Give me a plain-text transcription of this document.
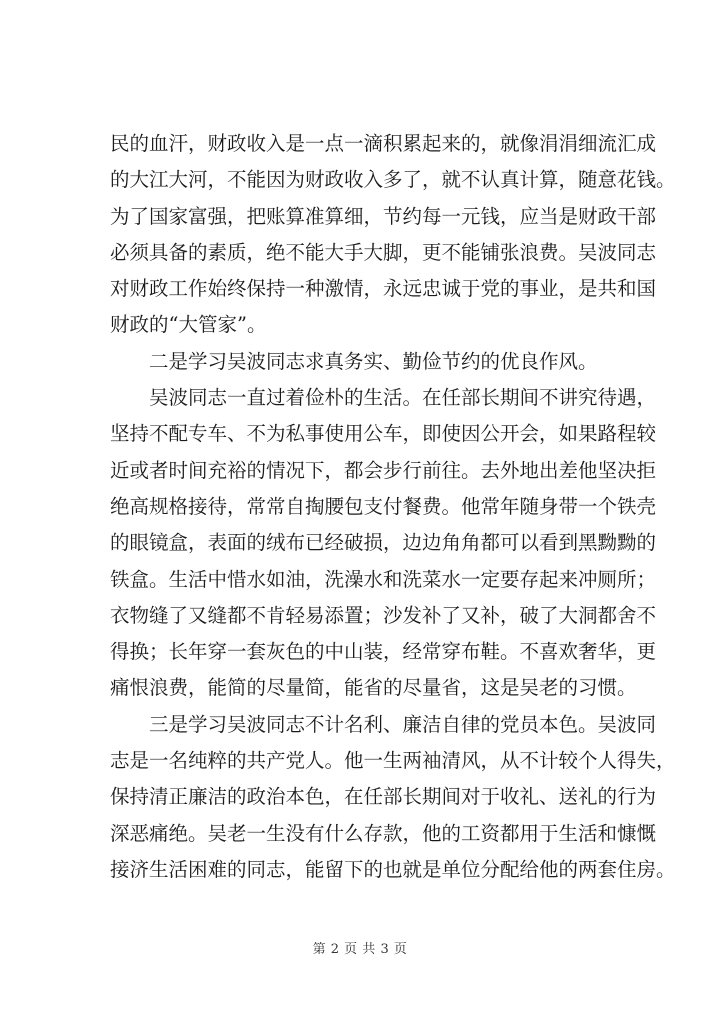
民的血汗，财政收入是一点一滴积累起来的，就像涓涓细流汇成
的大江大河，不能因为财政收入多了，就不认真计算，随意花钱。
为了国家富强，把账算准算细，节约每一元钱，应当是财政干部
必须具备的素质，绝不能大手大脚，更不能铺张浪费。吴波同志
对财政工作始终保持一种激情，永远忠诚于党的事业，是共和国
财政的“大管家”。
二是学习吴波同志求真务实、勤俭节约的优良作风。
吴波同志一直过着俭朴的生活。在任部长期间不讲究待遇，
坚持不配专车、不为私事使用公车，即使因公开会，如果路程较
近或者时间充裕的情况下，都会步行前往。去外地出差他坚决拒
绝高规格接待，常常自掏腰包支付餐费。他常年随身带一个铁壳
的眼镜盒，表面的绒布已经破损，边边角角都可以看到黑黝黝的
铁盒。生活中惜水如油，洗澡水和洗菜水一定要存起来冲厕所；
衣物缝了又缝都不肯轻易添置；沙发补了又补，破了大洞都舍不
得换；长年穿一套灰色的中山装，经常穿布鞋。不喜欢奢华，更
痛恨浪费，能简的尽量简，能省的尽量省，这是吴老的习惯。
三是学习吴波同志不计名利、廉洁自律的党员本色。吴波同
志是一名纯粹的共产党人。他一生两袖清风，从不计较个人得失，
保持清正廉洁的政治本色，在任部长期间对于收礼、送礼的行为
深恶痛绝。吴老一生没有什么存款，他的工资都用于生活和慷慨
接济生活困难的同志，能留下的也就是单位分配给他的两套住房。
第 2 页 共 3 页
